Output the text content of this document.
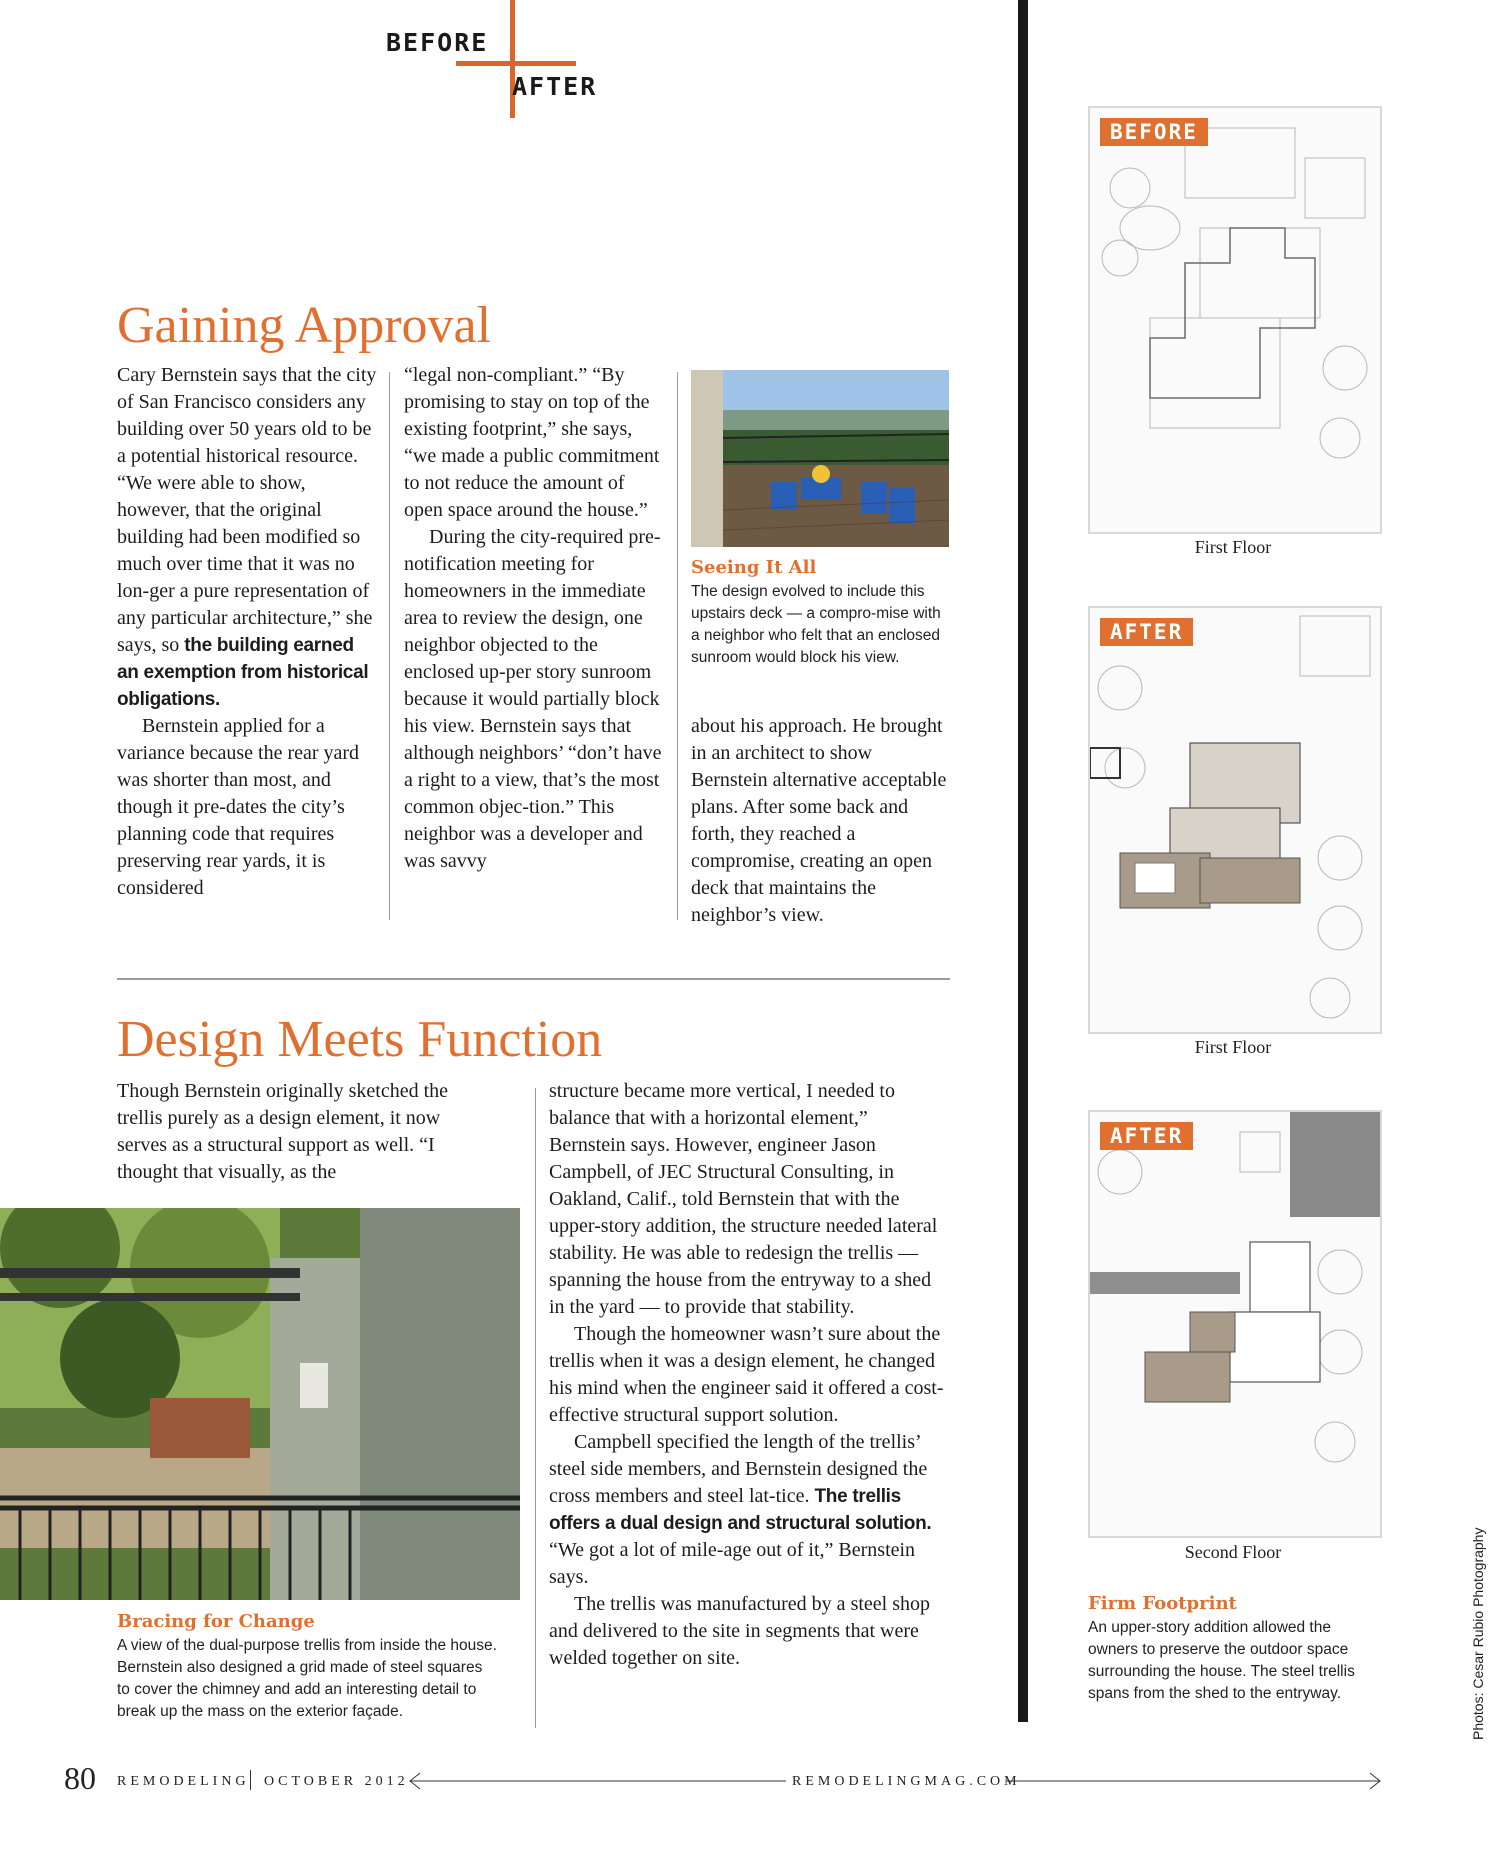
BEFORE
AFTER
Gaining Approval

Cary Bernstein says that the city of San Francisco considers any building over 50 years old to be a potential historical resource. “We were able to show, however, that the original building had been modified so much over time that it was no lon-ger a pure representation of any particular architecture,” she says, so the building earned an exemption from historical obligations.

Bernstein applied for a variance because the rear yard was shorter than most, and though it pre-dates the city’s planning code that requires preserving rear yards, it is considered

“legal non-compliant.” “By promising to stay on top of the existing footprint,” she says, “we made a public commitment to not reduce the amount of open space around the house.”

During the city-required pre-notification meeting for homeowners in the immediate area to review the design, one neighbor objected to the enclosed up-per story sunroom because it would partially block his view. Bernstein says that although neighbors’ “don’t have a right to a view, that’s the most common objec-tion.” This neighbor was a developer and was savvy

Seeing It All
The design evolved to include this upstairs deck — a compro-mise with a neighbor who felt that an enclosed sunroom would block his view.

about his approach. He brought in an architect to show Bernstein alternative acceptable plans. After some back and forth, they reached a compromise, creating an open deck that maintains the neighbor’s view.

Design Meets Function

Though Bernstein originally sketched the trellis purely as a design element, it now serves as a structural support as well. “I thought that visually, as the

Bracing for Change
A view of the dual-purpose trellis from inside the house. Bernstein also designed a grid made of steel squares to cover the chimney and add an interesting detail to break up the mass on the exterior façade.

structure became more vertical, I needed to balance that with a horizontal element,” Bernstein says. However, engineer Jason Campbell, of JEC Structural Consulting, in Oakland, Calif., told Bernstein that with the upper-story addition, the structure needed lateral stability. He was able to redesign the trellis — spanning the house from the entryway to a shed in the yard — to provide that stability.

Though the homeowner wasn’t sure about the trellis when it was a design element, he changed his mind when the engineer said it offered a cost-effective structural support solution.

Campbell specified the length of the trellis’ steel side members, and Bernstein designed the cross members and steel lat-tice. The trellis offers a dual design and structural solution. “We got a lot of mile-age out of it,” Bernstein says.

The trellis was manufactured by a steel shop and delivered to the site in segments that were welded together on site.

BEFORE
First Floor
AFTER
First Floor
AFTER
Second Floor
Firm Footprint
An upper-story addition allowed the owners to preserve the outdoor space surrounding the house. The steel trellis spans from the shed to the entryway.	Photos: Cesar Rubio Photography
80 REMODELING OCTOBER 2012	REMODELINGMAG.COM
